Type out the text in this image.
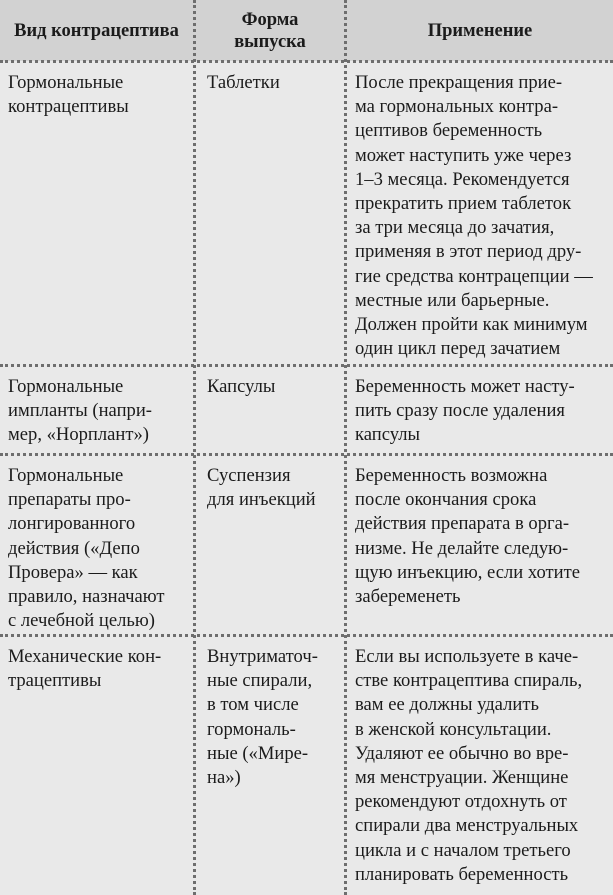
Вид контрацептива
Форма
выпуска
Применение
Гормональные
контрацептивы
Таблетки	После прекращения прие-
ма гормональных контра-
цептивов беременность
может наступить уже через
1–3 месяца. Рекомендуется
прекратить прием таблеток
за три месяца до зачатия,
применяя в этот период дру-
гие средства контрацепции —
местные или барьерные.
Должен пройти как минимум
один цикл перед зачатием
Гормональные
импланты (напри-
мер, «Норплант»)
Капсулы	Беременность может насту-
пить сразу после удаления
капсулы
Гормональные
препараты про-
лонгированного
действия («Депо
Провера» — как
правило, назначают
с лечебной целью)
Суспензия
для инъекций
Беременность возможна
после окончания срока
действия препарата в орга-
низме. Не делайте следую-
щую инъекцию, если хотите
забеременеть
Механические кон-
трацептивы
Внутриматоч-
ные спирали,
в том числе
гормональ-
ные («Мире-
на»)
Если вы используете в каче-
стве контрацептива спираль,
вам ее должны удалить
в женской консультации.
Удаляют ее обычно во вре-
мя менструации. Женщине
рекомендуют отдохнуть от
спирали два менструальных
цикла и с началом третьего
планировать беременность
